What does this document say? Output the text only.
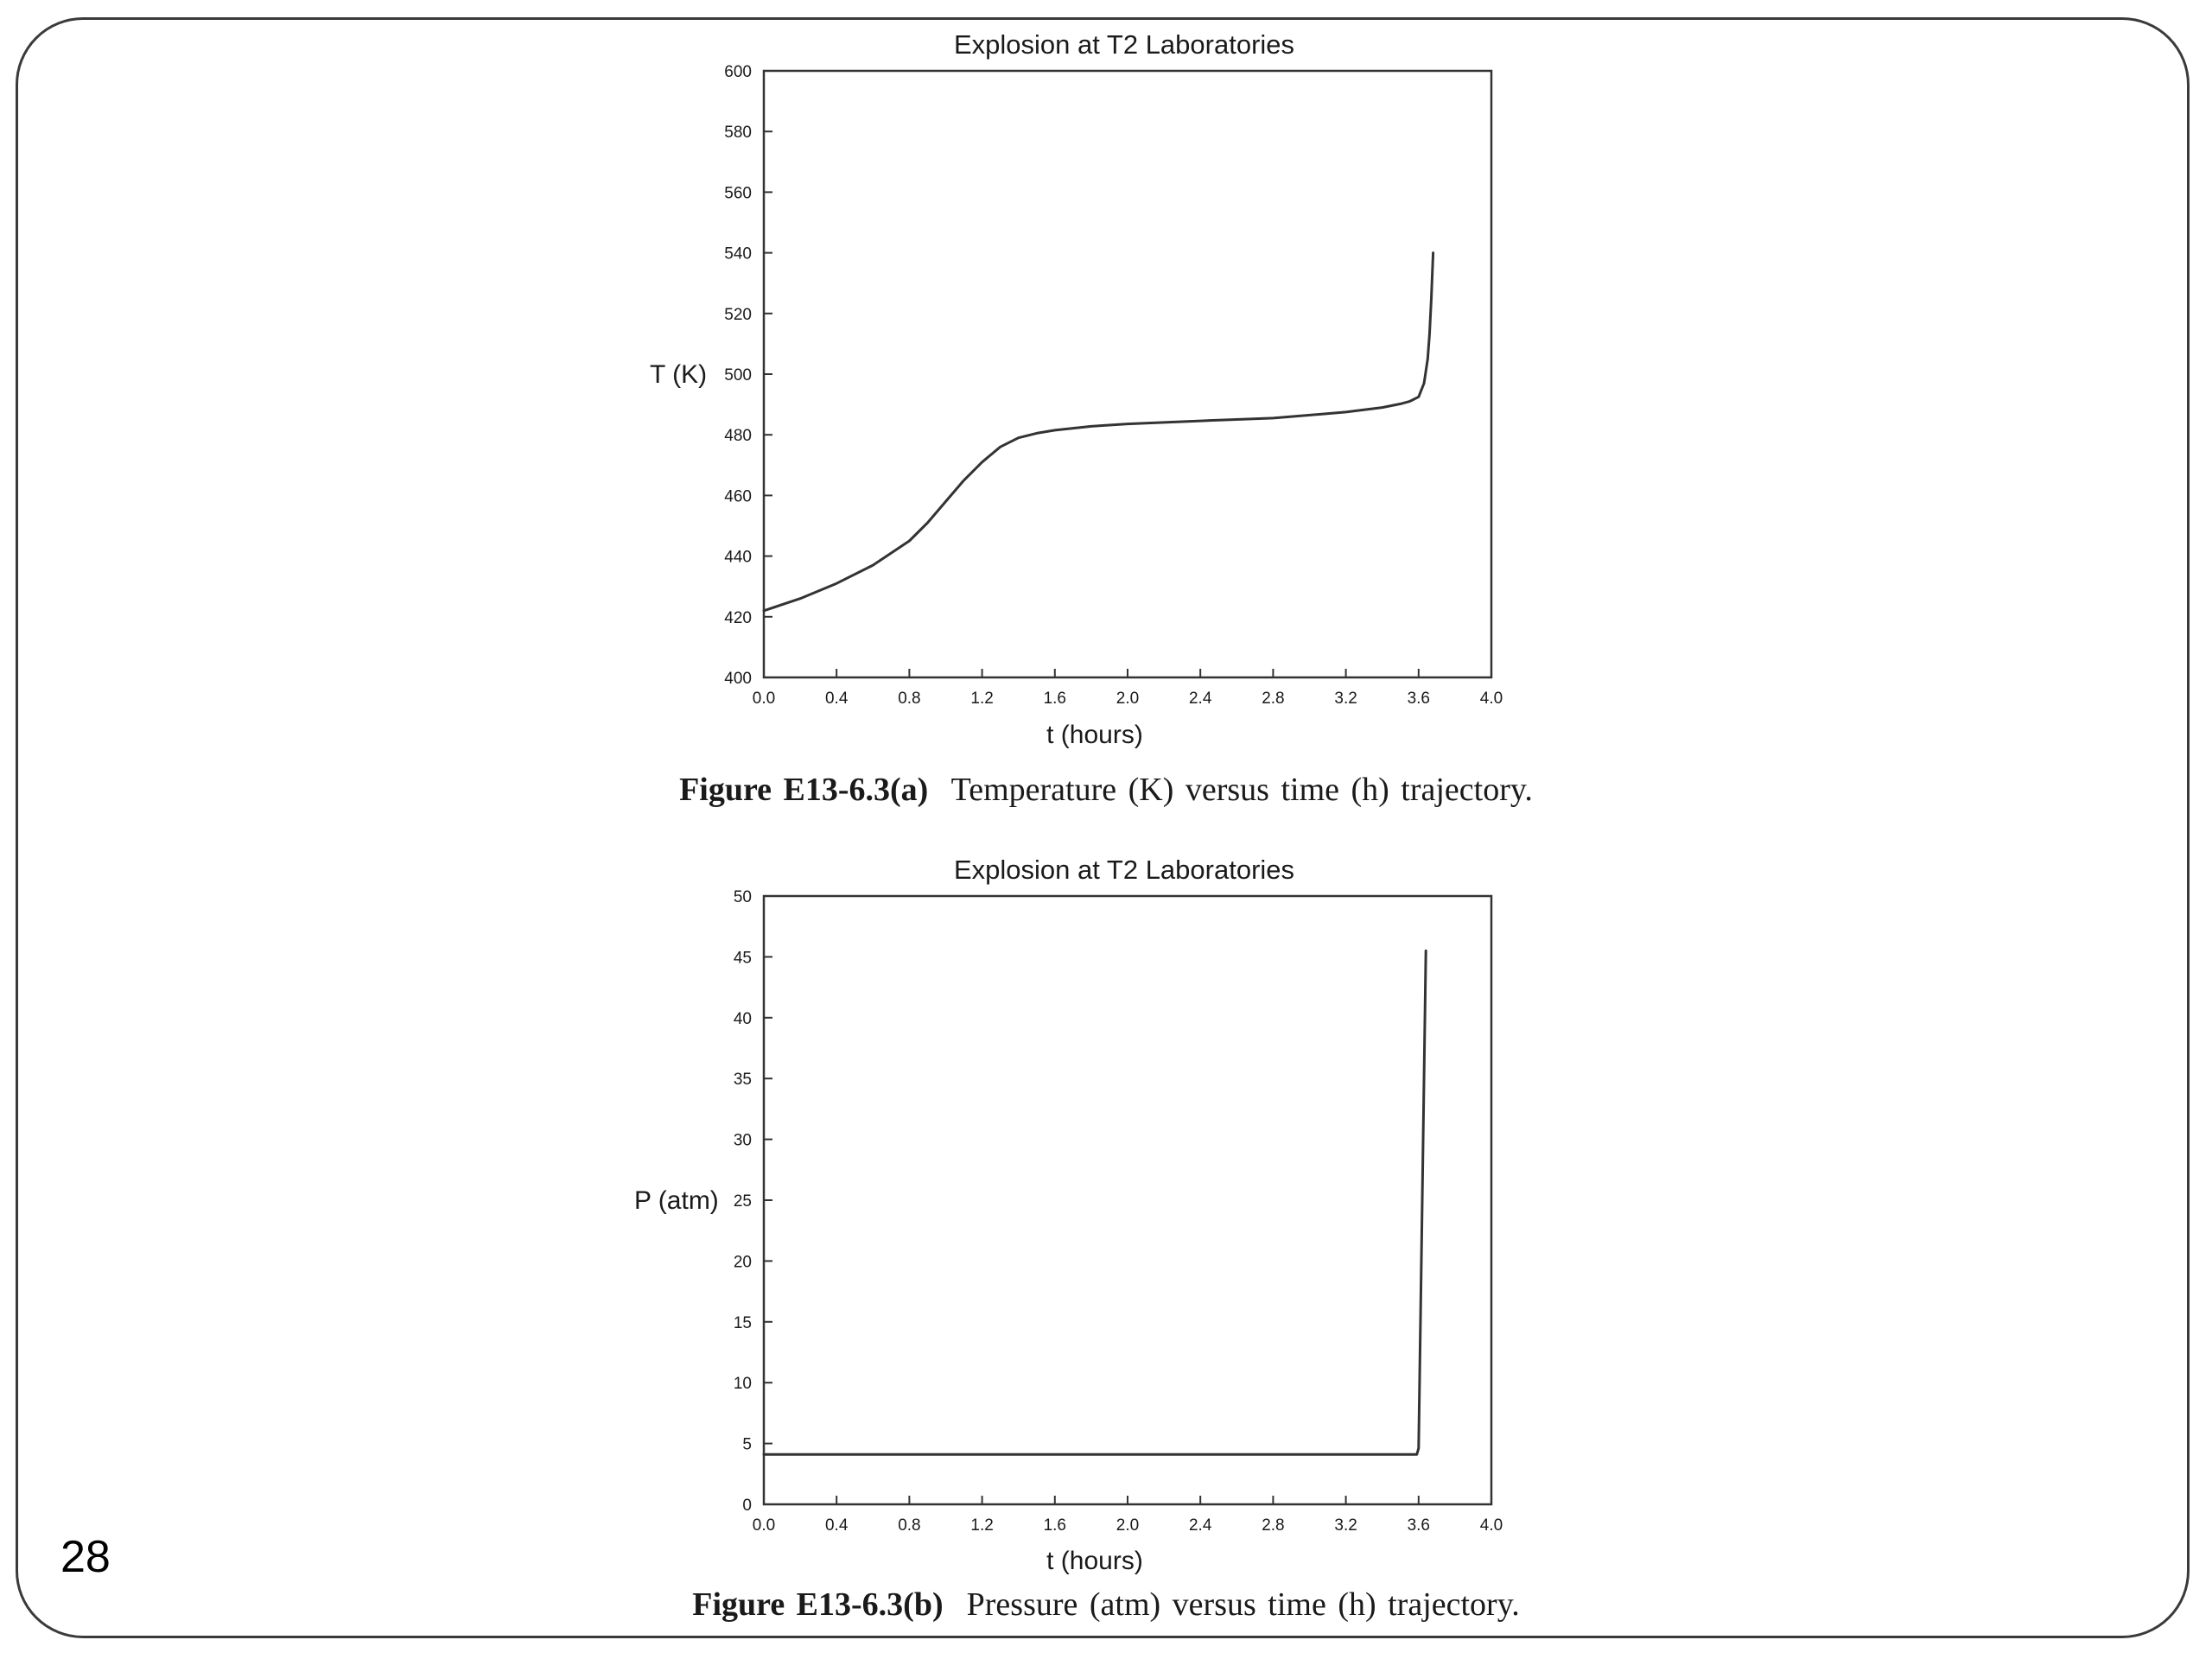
Explosion at T2 Laboratories
0.0	0.4	0.8	1.2	1.6	2.0	2.4	2.8	3.2	3.6	4.0
400
420
440
460
480
500
520
540
560
580
600
t (hours)
T (K)
Explosion at T2 Laboratories
0.0	0.4	0.8	1.2	1.6	2.0	2.4	2.8	3.2	3.6	4.0
0
5
10
15
20
25
30
35
40
45
50
t (hours)
P (atm)
Figure E13-6.3(a) Temperature (K) versus time (h) trajectory.
Figure E13-6.3(b) Pressure (atm) versus time (h) trajectory.
28
